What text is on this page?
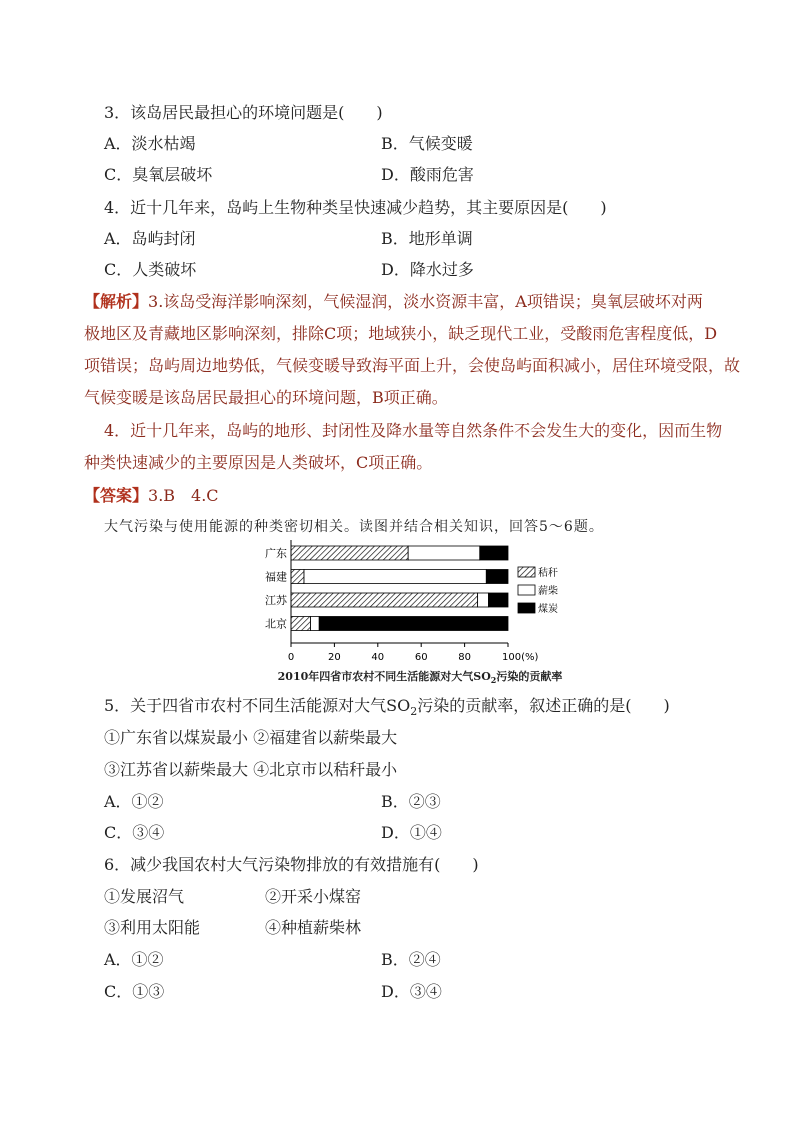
3．该岛居民最担心的环境问题是(　　)
A．淡水枯竭	B．气候变暖
C．臭氧层破坏	D．酸雨危害
4．近十几年来，岛屿上生物种类呈快速减少趋势，其主要原因是(　　)
A．岛屿封闭	B．地形单调
C．人类破坏	D．降水过多
【解析】3.该岛受海洋影响深刻，气候湿润，淡水资源丰富，A项错误；臭氧层破坏对两
极地区及青藏地区影响深刻，排除C项；地域狭小，缺乏现代工业，受酸雨危害程度低，D
项错误；岛屿周边地势低，气候变暖导致海平面上升，会使岛屿面积减小，居住环境受限，故
气候变暖是该岛居民最担心的环境问题，B项正确。
4．近十几年来，岛屿的地形、封闭性及降水量等自然条件不会发生大的变化，因而生物
种类快速减少的主要原因是人类破坏，C项正确。
【答案】3.B　4.C
大气污染与使用能源的种类密切相关。读图并结合相关知识，回答5～6题。
0	20	40	60	80	100(%)
广东
福建
江苏
北京
秸秆
薪柴
煤炭
2010年四省市农村不同生活能源对大气$SO_2$污染的贡献率
5．关于四省市农村不同生活能源对大气$SO_2$污染的贡献率，叙述正确的是(　　)
①广东省以煤炭最小 ②福建省以薪柴最大
③江苏省以薪柴最大 ④北京市以秸秆最小
A．①②	B．②③
C．③④	D．①④
6．减少我国农村大气污染物排放的有效措施有(　　)
①发展沼气	②开采小煤窑
③利用太阳能	④种植薪柴林
A．①②	B．②④
C．①③	D．③④
